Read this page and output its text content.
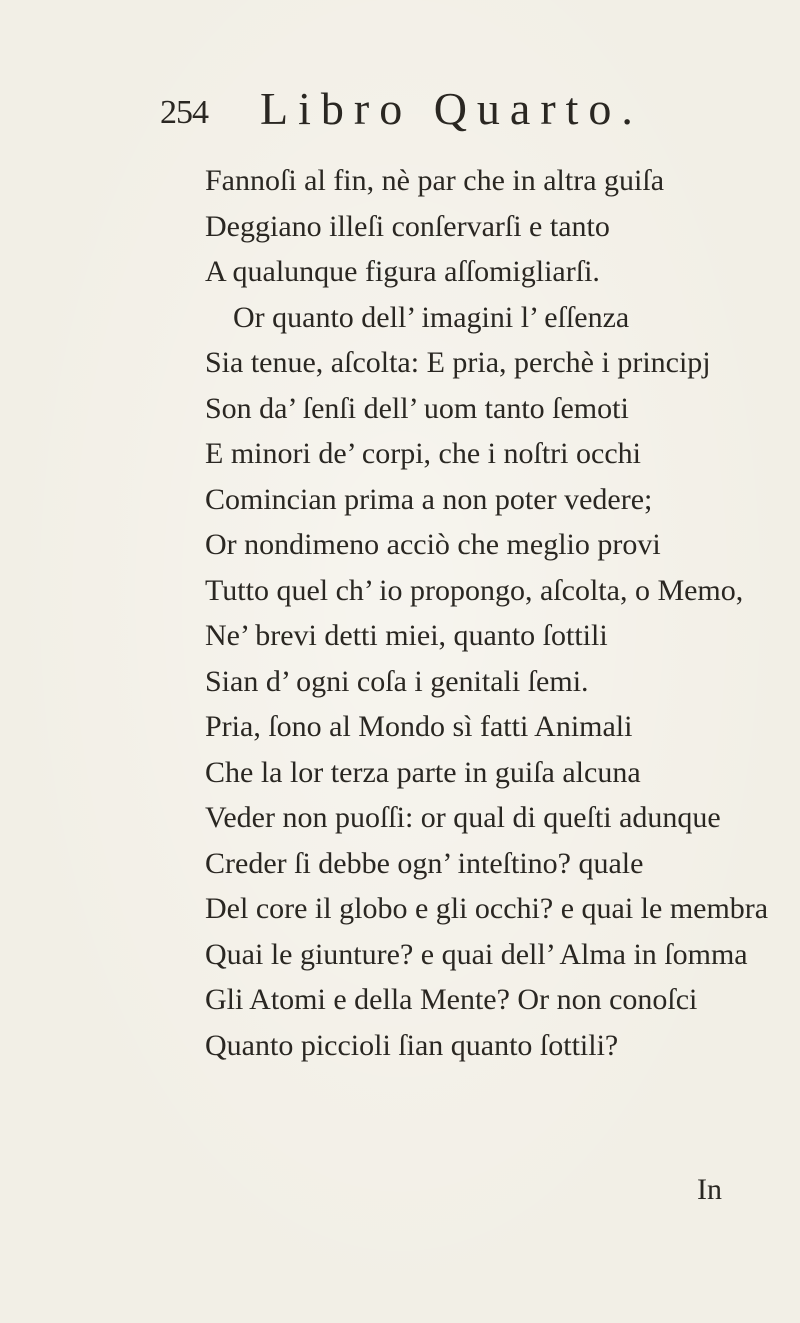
254 Libro Quarto.
Fannoſi al fin, nè par che in altra guiſa
Deggiano illeſi conſervarſi e tanto
A qualunque figura aſſomigliarſi.
Or quanto dell’ imagini l’ eſſenza
Sia tenue, aſcolta: E pria, perchè i principj
Son da’ ſenſi dell’ uom tanto ſemoti
E minori de’ corpi, che i noſtri occhi
Comincian prima a non poter vedere;
Or nondimeno acciò che meglio provi
Tutto quel ch’ io propongo, aſcolta, o Memo,
Ne’ brevi detti miei, quanto ſottili
Sian d’ ogni coſa i genitali ſemi.
Pria, ſono al Mondo sì fatti Animali
Che la lor terza parte in guiſa alcuna
Veder non puoſſi: or qual di queſti adunque
Creder ſi debbe ogn’ inteſtino? quale
Del core il globo e gli occhi? e quai le membra
Quai le giunture? e quai dell’ Alma in ſomma
Gli Atomi e della Mente? Or non conoſci
Quanto piccioli ſian quanto ſottili?
In
